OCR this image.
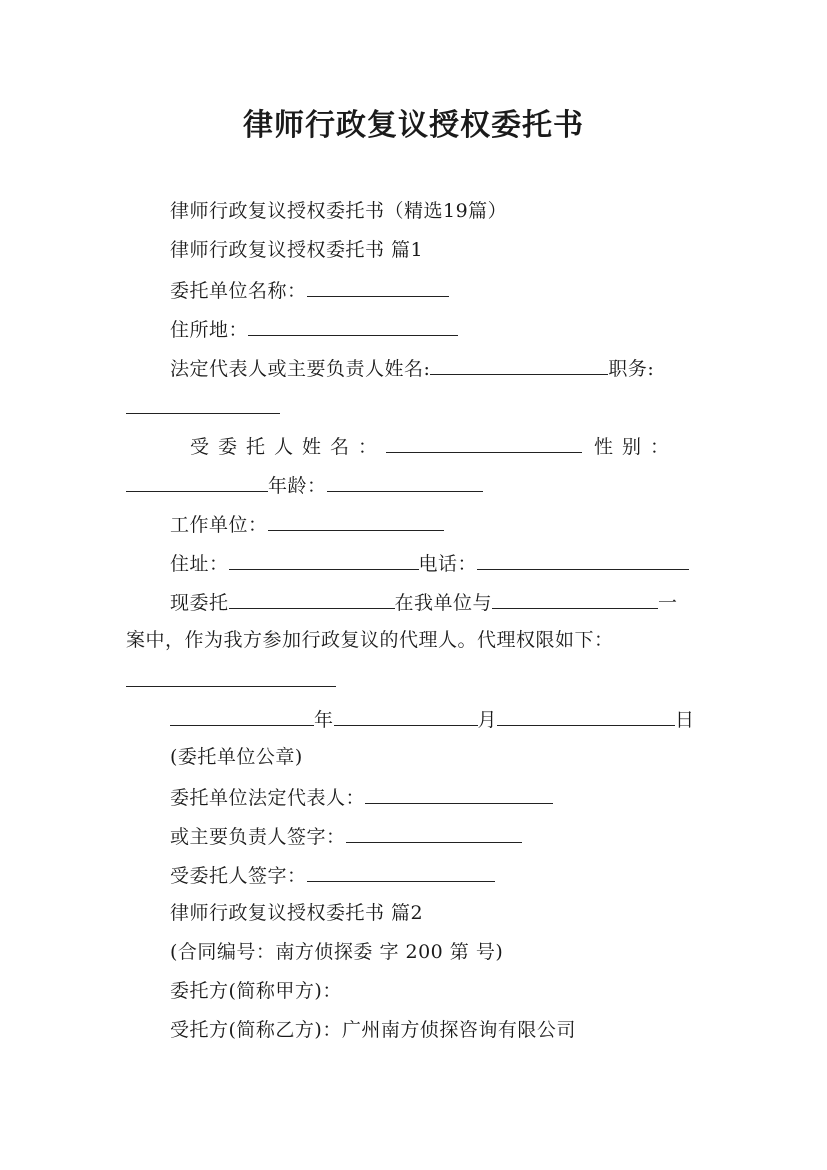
律师行政复议授权委托书
律师行政复议授权委托书（精选19篇）
律师行政复议授权委托书 篇1
委托单位名称：
住所地：
法定代表人或主要负责人姓名:	职务:
受委托人姓名：	性别：
年龄：
工作单位：
住址：	电话：
现委托	在我单位与	一
案中，作为我方参加行政复议的代理人。代理权限如下：
年	月	日
(委托单位公章)
委托单位法定代表人：
或主要负责人签字：
受委托人签字：
律师行政复议授权委托书 篇2
(合同编号：南方侦探委 字 200 第 号)
委托方(简称甲方)：
受托方(简称乙方)：广州南方侦探咨询有限公司
